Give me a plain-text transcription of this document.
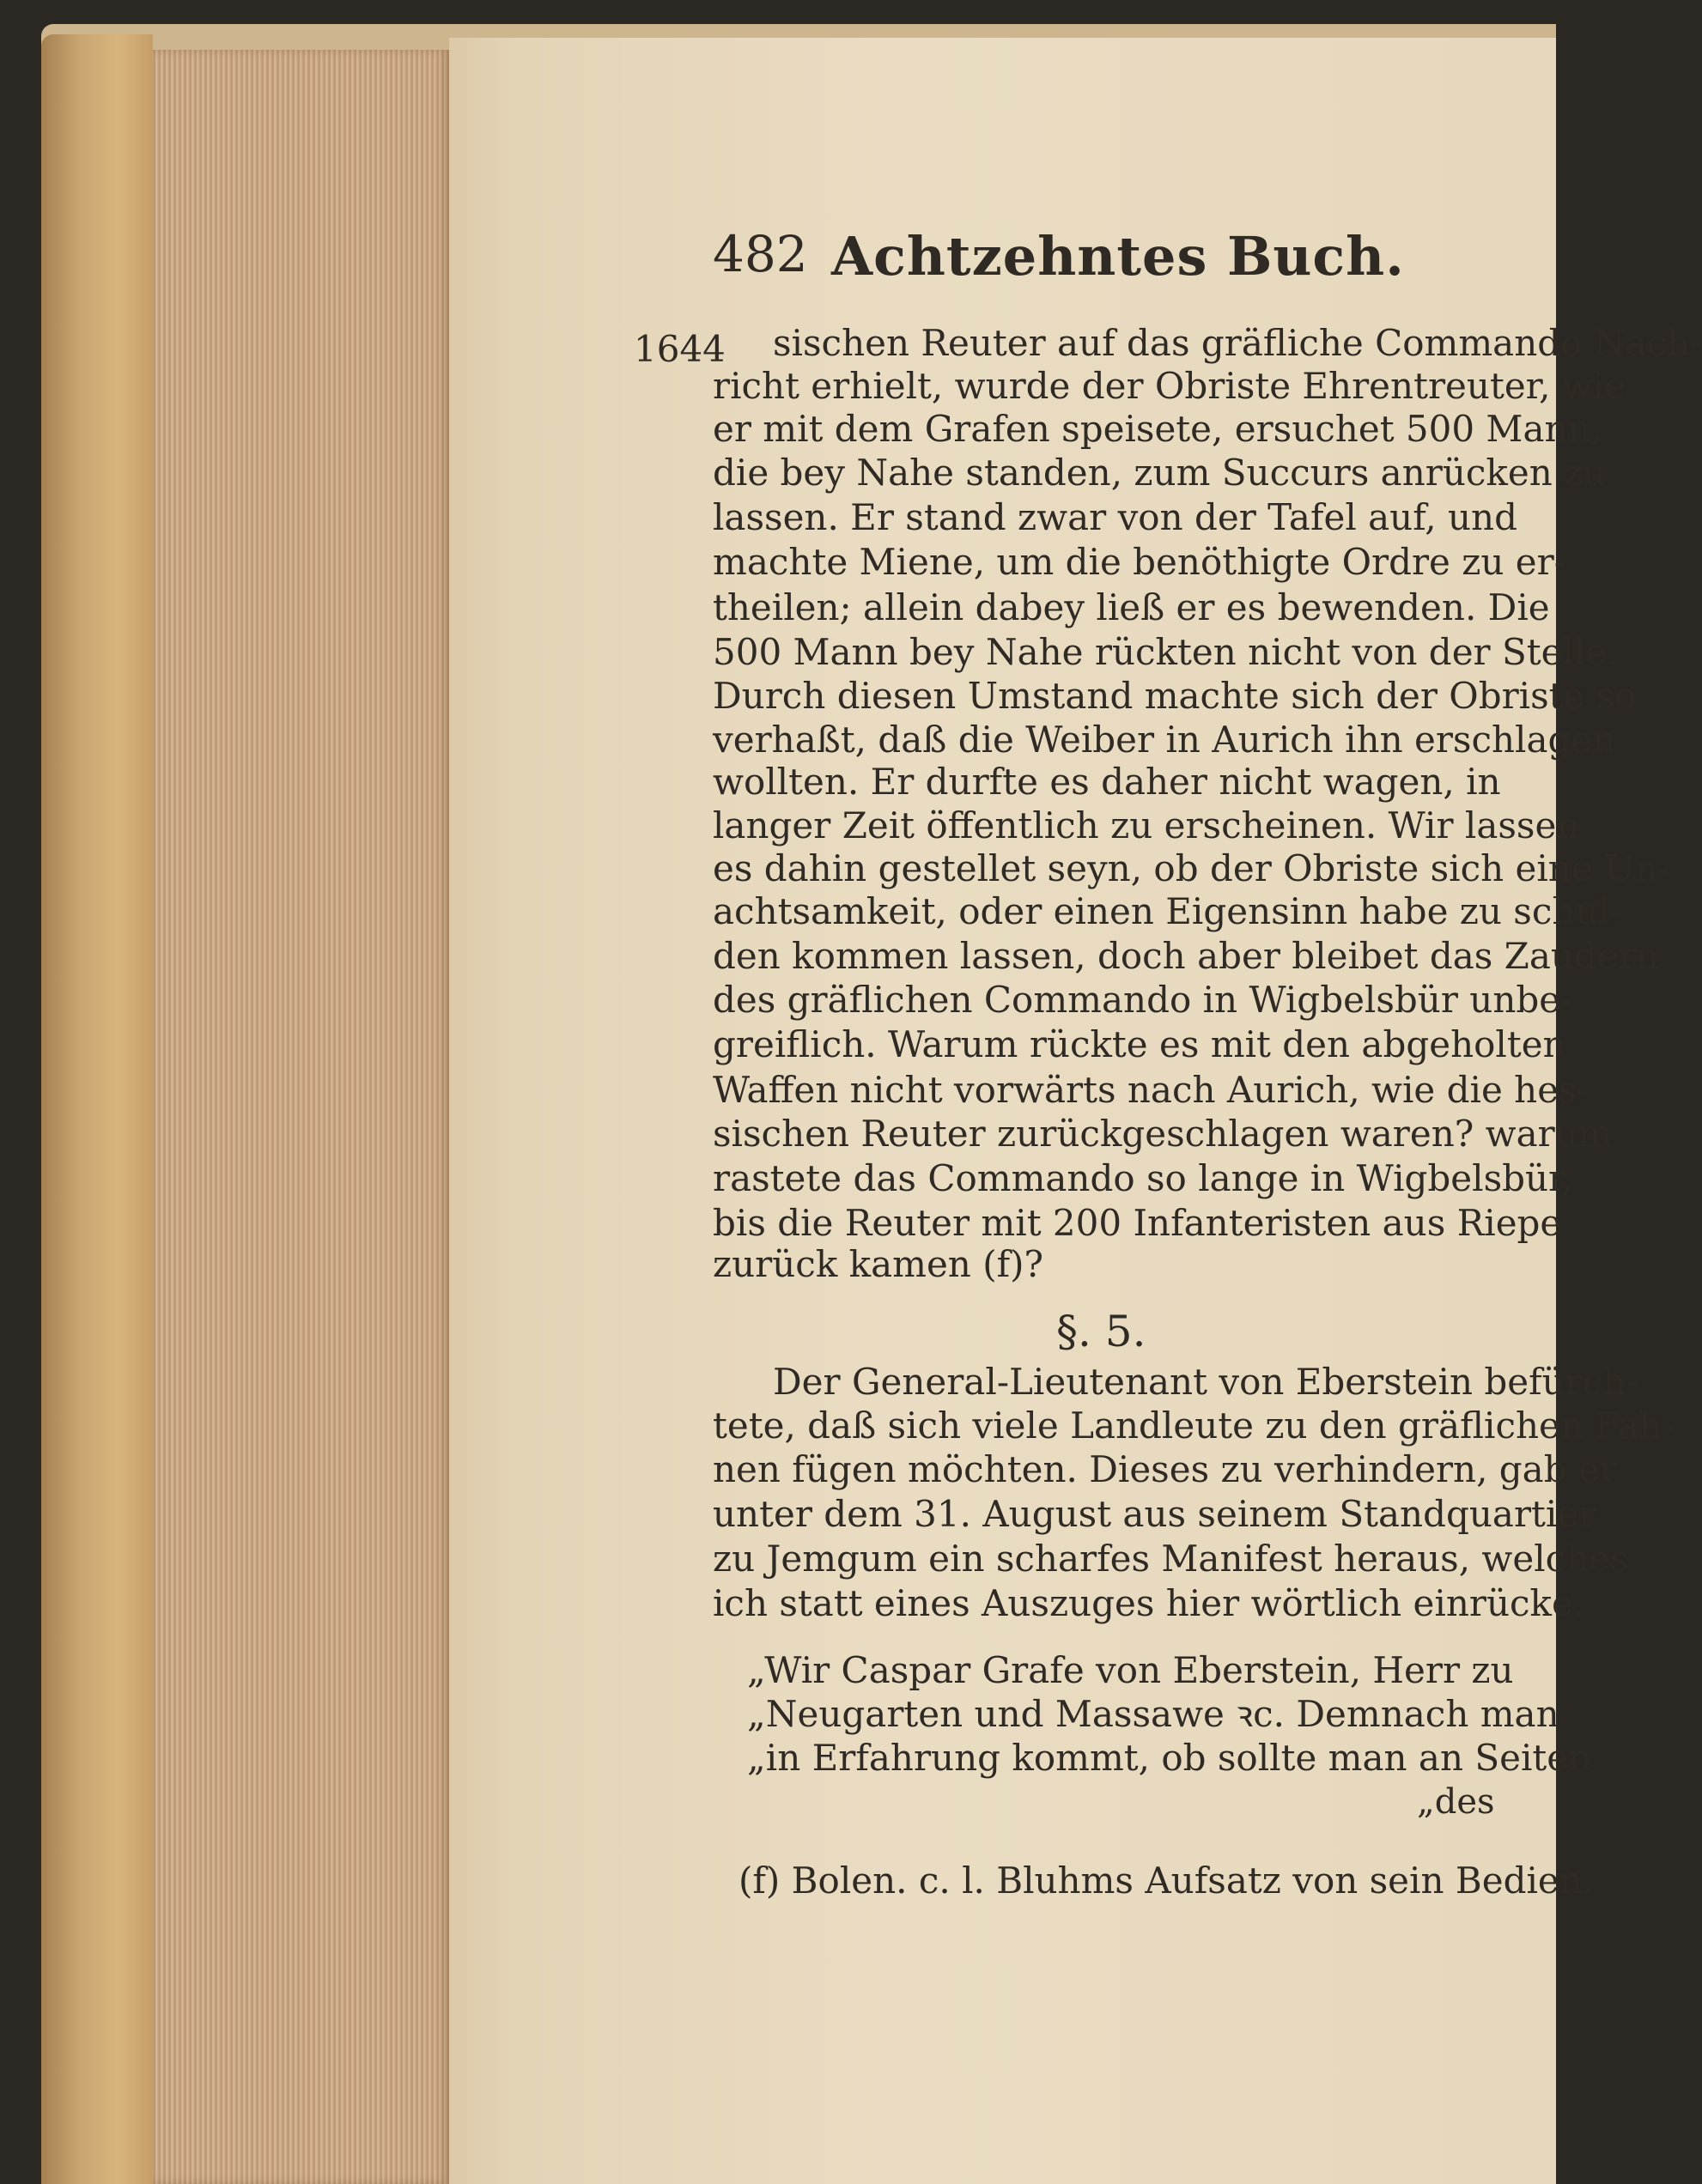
482 Achtzehntes Buch.
1644 sischen Reuter auf das gräfliche Commando Nach-
richt erhielt, wurde der Obriste Ehrentreuter, wie
er mit dem Grafen speisete, ersuchet 500 Mann,
die bey Nahe standen, zum Succurs anrücken zu
lassen. Er stand zwar von der Tafel auf, und
machte Miene, um die benöthigte Ordre zu er-
theilen; allein dabey ließ er es bewenden. Die
500 Mann bey Nahe rückten nicht von der Stelle.
Durch diesen Umstand machte sich der Obriste so
verhaßt, daß die Weiber in Aurich ihn erschlagen
wollten. Er durfte es daher nicht wagen, in
langer Zeit öffentlich zu erscheinen. Wir lassen
es dahin gestellet seyn, ob der Obriste sich eine Un-
achtsamkeit, oder einen Eigensinn habe zu schul-
den kommen lassen, doch aber bleibet das Zaudern
des gräflichen Commando in Wigbelsbür unbe-
greiflich. Warum rückte es mit den abgeholten
Waffen nicht vorwärts nach Aurich, wie die hes-
sischen Reuter zurückgeschlagen waren? warum
rastete das Commando so lange in Wigbelsbür,
bis die Reuter mit 200 Infanteristen aus Riepe
zurück kamen (f)?
§. 5.
Der General-Lieutenant von Eberstein befürch-
tete, daß sich viele Landleute zu den gräflichen Fah-
nen fügen möchten. Dieses zu verhindern, gab er
unter dem 31. August aus seinem Standquartier
zu Jemgum ein scharfes Manifest heraus, welches
ich statt eines Auszuges hier wörtlich einrücke.
„Wir Caspar Grafe von Eberstein, Herr zu
„Neugarten und Massawe ꝛc. Demnach man
„in Erfahrung kommt, ob sollte man an Seiten
„des
(f) Bolen. c. l. Bluhms Aufsatz von sein Bedien.
